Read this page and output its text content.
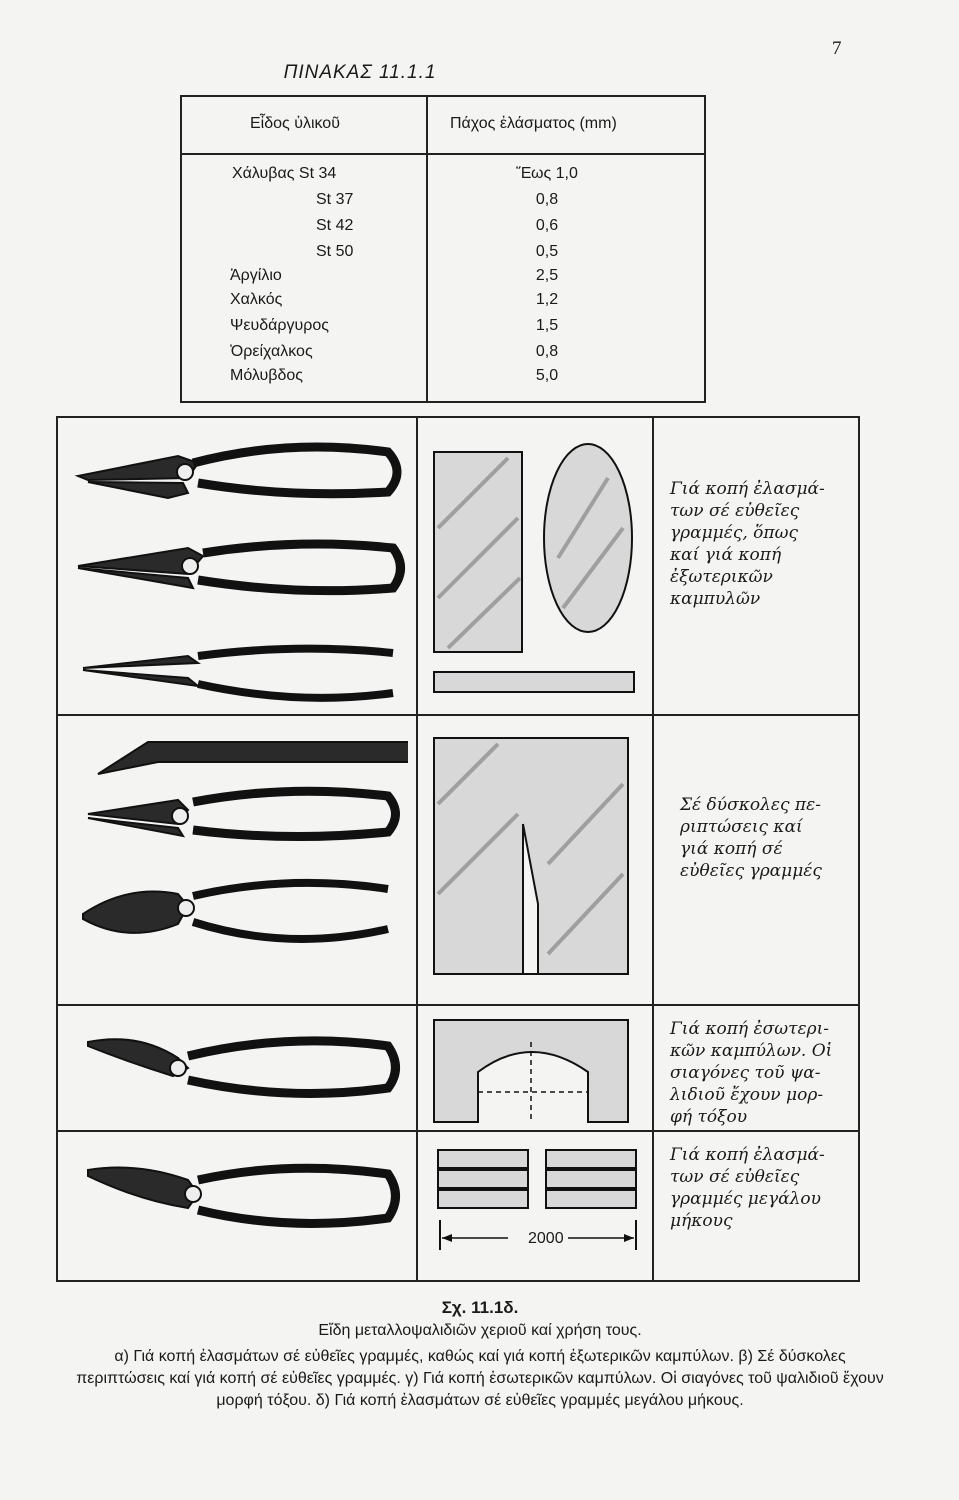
7
ΠΙΝΑΚΑΣ 11.1.1
Εἶδος ὑλικοῦ	Πάχος ἐλάσματος (mm)
Χάλυβας St 34	Ἕως 1,0
St 37	0,8
St 42	0,6
St 50	0,5
Ἀργίλιο	2,5
Χαλκός	1,2
Ψευδάργυρος	1,5
Ὀρείχαλκος	0,8
Μόλυβδος	5,0
Γιά κοπή ἐλασμά-
των σέ εὐθεῖες
γραμμές, ὅπως
καί γιά κοπή
ἐξωτερικῶν
καμπυλῶν
Σέ δύσκολες πε-
ριπτώσεις καί
γιά κοπή σέ
εὐθεῖες γραμμές
Γιά κοπή ἐσωτερι-
κῶν καμπύλων. Οἱ
σιαγόνες τοῦ ψα-
λιδιοῦ ἔχουν μορ-
φή τόξου
2000
Γιά κοπή ἐλασμά-
των σέ εὐθεῖες
γραμμές μεγάλου
μήκους
Σχ. 11.1δ.
Εἴδη μεταλλοψαλιδιῶν χεριοῦ καί χρήση τους.
α) Γιά κοπή ἐλασμάτων σέ εὐθεῖες γραμμές, καθώς καί γιά κοπή ἐξωτερικῶν καμπύλων. β) Σέ δύσκολες περιπτώσεις καί γιά κοπή σέ εὐθεῖες γραμμές. γ) Γιά κοπή ἐσωτερικῶν καμπύλων. Οἱ σιαγόνες τοῦ ψαλιδιοῦ ἔχουν μορφή τόξου. δ) Γιά κοπή ἐλασμάτων σέ εὐθεῖες γραμμές μεγάλου μήκους.
